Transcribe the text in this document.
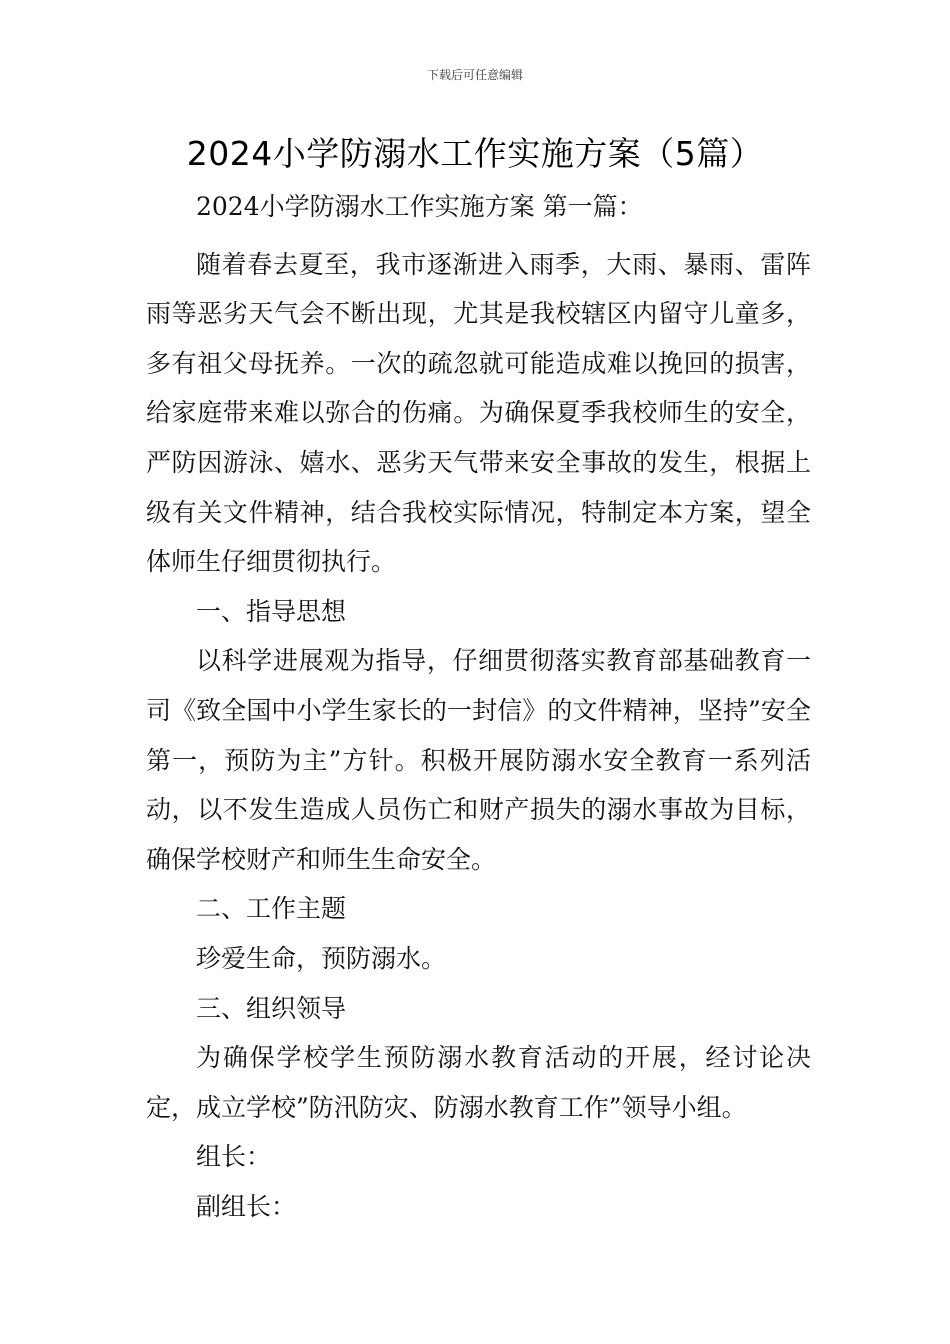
下载后可任意编辑
2024小学防溺水工作实施方案（5篇）

2024小学防溺水工作实施方案 第一篇：

随着春去夏至，我市逐渐进入雨季，大雨、暴雨、雷阵雨等恶劣天气会不断出现，尤其是我校辖区内留守儿童多，多有祖父母抚养。一次的疏忽就可能造成难以挽回的损害，给家庭带来难以弥合的伤痛。为确保夏季我校师生的安全，严防因游泳、嬉水、恶劣天气带来安全事故的发生，根据上级有关文件精神，结合我校实际情况，特制定本方案，望全体师生仔细贯彻执行。

一、指导思想

以科学进展观为指导，仔细贯彻落实教育部基础教育一司《致全国中小学生家长的一封信》的文件精神，坚持”安全第一，预防为主”方针。积极开展防溺水安全教育一系列活动，以不发生造成人员伤亡和财产损失的溺水事故为目标，确保学校财产和师生生命安全。

二、工作主题

珍爱生命，预防溺水。

三、组织领导

为确保学校学生预防溺水教育活动的开展，经讨论决定，成立学校”防汛防灾、防溺水教育工作”领导小组。

组长：

副组长：
